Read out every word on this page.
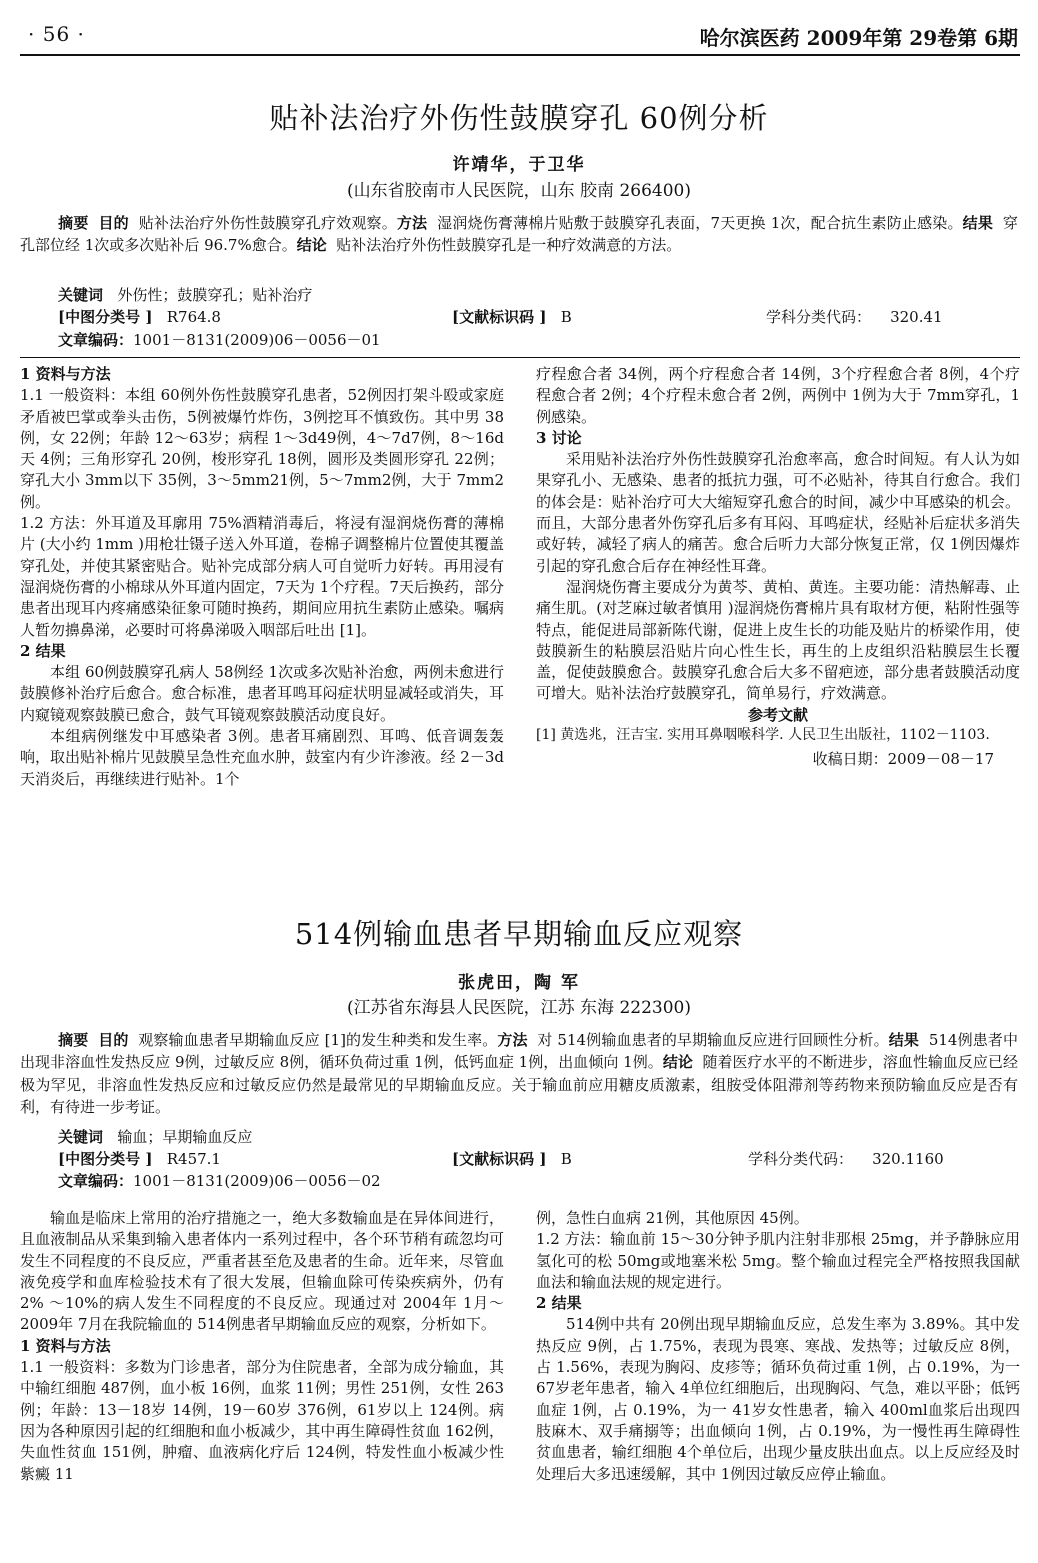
· 56 ·	哈尔滨医药 2009年第 29卷第 6期
贴补法治疗外伤性鼓膜穿孔 60例分析
许靖华，于卫华
(山东省胶南市人民医院，山东 胶南 266400)
摘要 目的 贴补法治疗外伤性鼓膜穿孔疗效观察。方法 湿润烧伤膏薄棉片贴敷于鼓膜穿孔表面，7天更换 1次，配合抗生素防止感染。结果 穿孔部位经 1次或多次贴补后 96.7%愈合。结论 贴补法治疗外伤性鼓膜穿孔是一种疗效满意的方法。
关键词 外伤性；鼓膜穿孔；贴补治疗
[中图分类号 ] R764.8	[文献标识码 ] B	学科分类代码： 320.41
文章编码：1001－8131(2009)06－0056－01

1 资料与方法

1.1 一般资料：本组 60例外伤性鼓膜穿孔患者，52例因打架斗殴或家庭矛盾被巴掌或拳头击伤，5例被爆竹炸伤，3例挖耳不慎致伤。其中男 38例，女 22例；年龄 12～63岁；病程 1～3d49例，4～7d7例，8～16d天 4例；三角形穿孔 20例，梭形穿孔 18例，圆形及类圆形穿孔 22例；穿孔大小 3mm以下 35例，3～5mm21例，5～7mm2例，大于 7mm2例。

1.2 方法：外耳道及耳廓用 75%酒精消毒后，将浸有湿润烧伤膏的薄棉片 (大小约 1mm )用枪壮镊子送入外耳道，卷棉子调整棉片位置使其覆盖穿孔处，并使其紧密贴合。贴补完成部分病人可自觉听力好转。再用浸有湿润烧伤膏的小棉球从外耳道内固定，7天为 1个疗程。7天后换药，部分患者出现耳内疼痛感染征象可随时换药，期间应用抗生素防止感染。嘱病人暂勿擤鼻涕，必要时可将鼻涕吸入咽部后吐出 [1]。

2 结果

本组 60例鼓膜穿孔病人 58例经 1次或多次贴补治愈，两例未愈进行鼓膜修补治疗后愈合。愈合标准，患者耳鸣耳闷症状明显减轻或消失，耳内窥镜观察鼓膜已愈合，鼓气耳镜观察鼓膜活动度良好。

本组病例继发中耳感染者 3例。患者耳痛剧烈、耳鸣、低音调轰轰响，取出贴补棉片见鼓膜呈急性充血水肿，鼓室内有少许渗液。经 2－3d天消炎后，再继续进行贴补。1个

疗程愈合者 34例，两个疗程愈合者 14例，3个疗程愈合者 8例，4个疗程愈合者 2例；4个疗程未愈合者 2例，两例中 1例为大于 7mm穿孔，1例感染。

3 讨论

采用贴补法治疗外伤性鼓膜穿孔治愈率高，愈合时间短。有人认为如果穿孔小、无感染、患者的抵抗力强，可不必贴补，待其自行愈合。我们的体会是：贴补治疗可大大缩短穿孔愈合的时间，减少中耳感染的机会。而且，大部分患者外伤穿孔后多有耳闷、耳鸣症状，经贴补后症状多消失或好转，减轻了病人的痛苦。愈合后听力大部分恢复正常，仅 1例因爆炸引起的穿孔愈合后存在神经性耳聋。

湿润烧伤膏主要成分为黄芩、黄柏、黄连。主要功能：清热解毒、止痛生肌。(对芝麻过敏者慎用 )湿润烧伤膏棉片具有取材方便，粘附性强等特点，能促进局部新陈代谢，促进上皮生长的功能及贴片的桥梁作用，使鼓膜新生的粘膜层沿贴片向心性生长，再生的上皮组织沿粘膜层生长覆盖，促使鼓膜愈合。鼓膜穿孔愈合后大多不留疤迹，部分患者鼓膜活动度可增大。贴补法治疗鼓膜穿孔，简单易行，疗效满意。

参考文献

[1] 黄选兆，汪吉宝. 实用耳鼻咽喉科学. 人民卫生出版社，1102－1103.

收稿日期：2009－08－17

514例输血患者早期输血反应观察
张虎田，陶 军
(江苏省东海县人民医院，江苏 东海 222300)
摘要 目的 观察输血患者早期输血反应 [1]的发生种类和发生率。方法 对 514例输血患者的早期输血反应进行回顾性分析。结果 514例患者中出现非溶血性发热反应 9例，过敏反应 8例，循环负荷过重 1例，低钙血症 1例，出血倾向 1例。结论 随着医疗水平的不断进步，溶血性输血反应已经极为罕见，非溶血性发热反应和过敏反应仍然是最常见的早期输血反应。关于输血前应用糖皮质激素，组胺受体阻滞剂等药物来预防输血反应是否有利，有待进一步考证。
关键词 输血；早期输血反应
[中图分类号 ] R457.1	[文献标识码 ] B	学科分类代码： 320.1160
文章编码：1001－8131(2009)06－0056－02

输血是临床上常用的治疗措施之一，绝大多数输血是在异体间进行，且血液制品从采集到输入患者体内一系列过程中，各个环节稍有疏忽均可发生不同程度的不良反应，严重者甚至危及患者的生命。近年来，尽管血液免疫学和血库检验技术有了很大发展，但输血除可传染疾病外，仍有 2% ～10%的病人发生不同程度的不良反应。现通过对 2004年 1月～2009年 7月在我院输血的 514例患者早期输血反应的观察，分析如下。

1 资料与方法

1.1 一般资料：多数为门诊患者，部分为住院患者，全部为成分输血，其中输红细胞 487例，血小板 16例，血浆 11例；男性 251例，女性 263例；年龄：13－18岁 14例，19－60岁 376例，61岁以上 124例。病因为各种原因引起的红细胞和血小板减少，其中再生障碍性贫血 162例，失血性贫血 151例，肿瘤、血液病化疗后 124例，特发性血小板减少性紫癜 11

例，急性白血病 21例，其他原因 45例。

1.2 方法：输血前 15～30分钟予肌内注射非那根 25mg，并予静脉应用氢化可的松 50mg或地塞米松 5mg。整个输血过程完全严格按照我国献血法和输血法规的规定进行。

2 结果

514例中共有 20例出现早期输血反应，总发生率为 3.89%。其中发热反应 9例，占 1.75%，表现为畏寒、寒战、发热等；过敏反应 8例，占 1.56%，表现为胸闷、皮疹等；循环负荷过重 1例，占 0.19%，为一 67岁老年患者，输入 4单位红细胞后，出现胸闷、气急，难以平卧；低钙血症 1例，占 0.19%，为一 41岁女性患者，输入 400ml血浆后出现四肢麻木、双手痛搦等；出血倾向 1例，占 0.19%，为一慢性再生障碍性贫血患者，输红细胞 4个单位后，出现少量皮肤出血点。以上反应经及时处理后大多迅速缓解，其中 1例因过敏反应停止输血。
